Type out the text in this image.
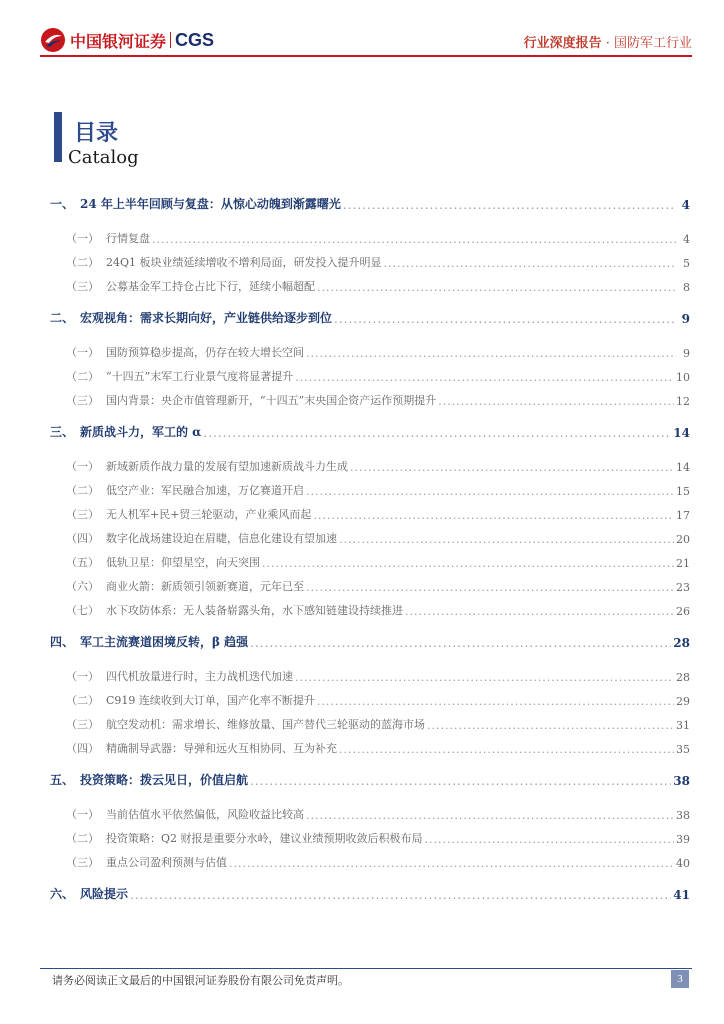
中国银河证券 CGS	行业深度报告 · 国防军工行业
目录
Catalog
一、 24 年上半年回顾与复盘：从惊心动魄到渐露曙光 .....	4
（一） 行情复盘 .....	4
（二） 24Q1 板块业绩延续增收不增利局面，研发投入提升明显 .....	5
（三） 公募基金军工持仓占比下行，延续小幅超配 .....	8
二、 宏观视角：需求长期向好，产业链供给逐步到位 .....	9
（一） 国防预算稳步提高，仍存在较大增长空间 .....	9
（二） “十四五”末军工行业景气度将显著提升 .....	10
（三） 国内背景：央企市值管理新开，“十四五”末央国企资产运作预期提升 .....	12
三、 新质战斗力，军工的 α .....	14
（一） 新域新质作战力量的发展有望加速新质战斗力生成 .....	14
（二） 低空产业：军民融合加速，万亿赛道开启 .....	15
（三） 无人机军+民+贸三轮驱动，产业乘风而起 .....	17
（四） 数字化战场建设迫在眉睫，信息化建设有望加速 .....	20
（五） 低轨卫星：仰望星空，向天突围 .....	21
（六） 商业火箭：新质领引领新赛道，元年已至 .....	23
（七） 水下攻防体系：无人装备崭露头角，水下感知链建设持续推进 .....	26
四、 军工主流赛道困境反转，β 趋强 .....	28
（一） 四代机放量进行时，主力战机迭代加速 .....	28
（二） C919 连续收到大订单，国产化率不断提升 .....	29
（三） 航空发动机：需求增长、维修放量、国产替代三轮驱动的蓝海市场 .....	31
（四） 精确制导武器：导弹和远火互相协同、互为补充 .....	35
五、 投资策略：拨云见日，价值启航 .....	38
（一） 当前估值水平依然偏低，风险收益比较高 .....	38
（二） 投资策略：Q2 财报是重要分水岭，建议业绩预期收敛后积极布局 .....	39
（三） 重点公司盈利预测与估值 .....	40
六、 风险提示 .....	41
请务必阅读正文最后的中国银河证券股份有限公司免责声明。	3
